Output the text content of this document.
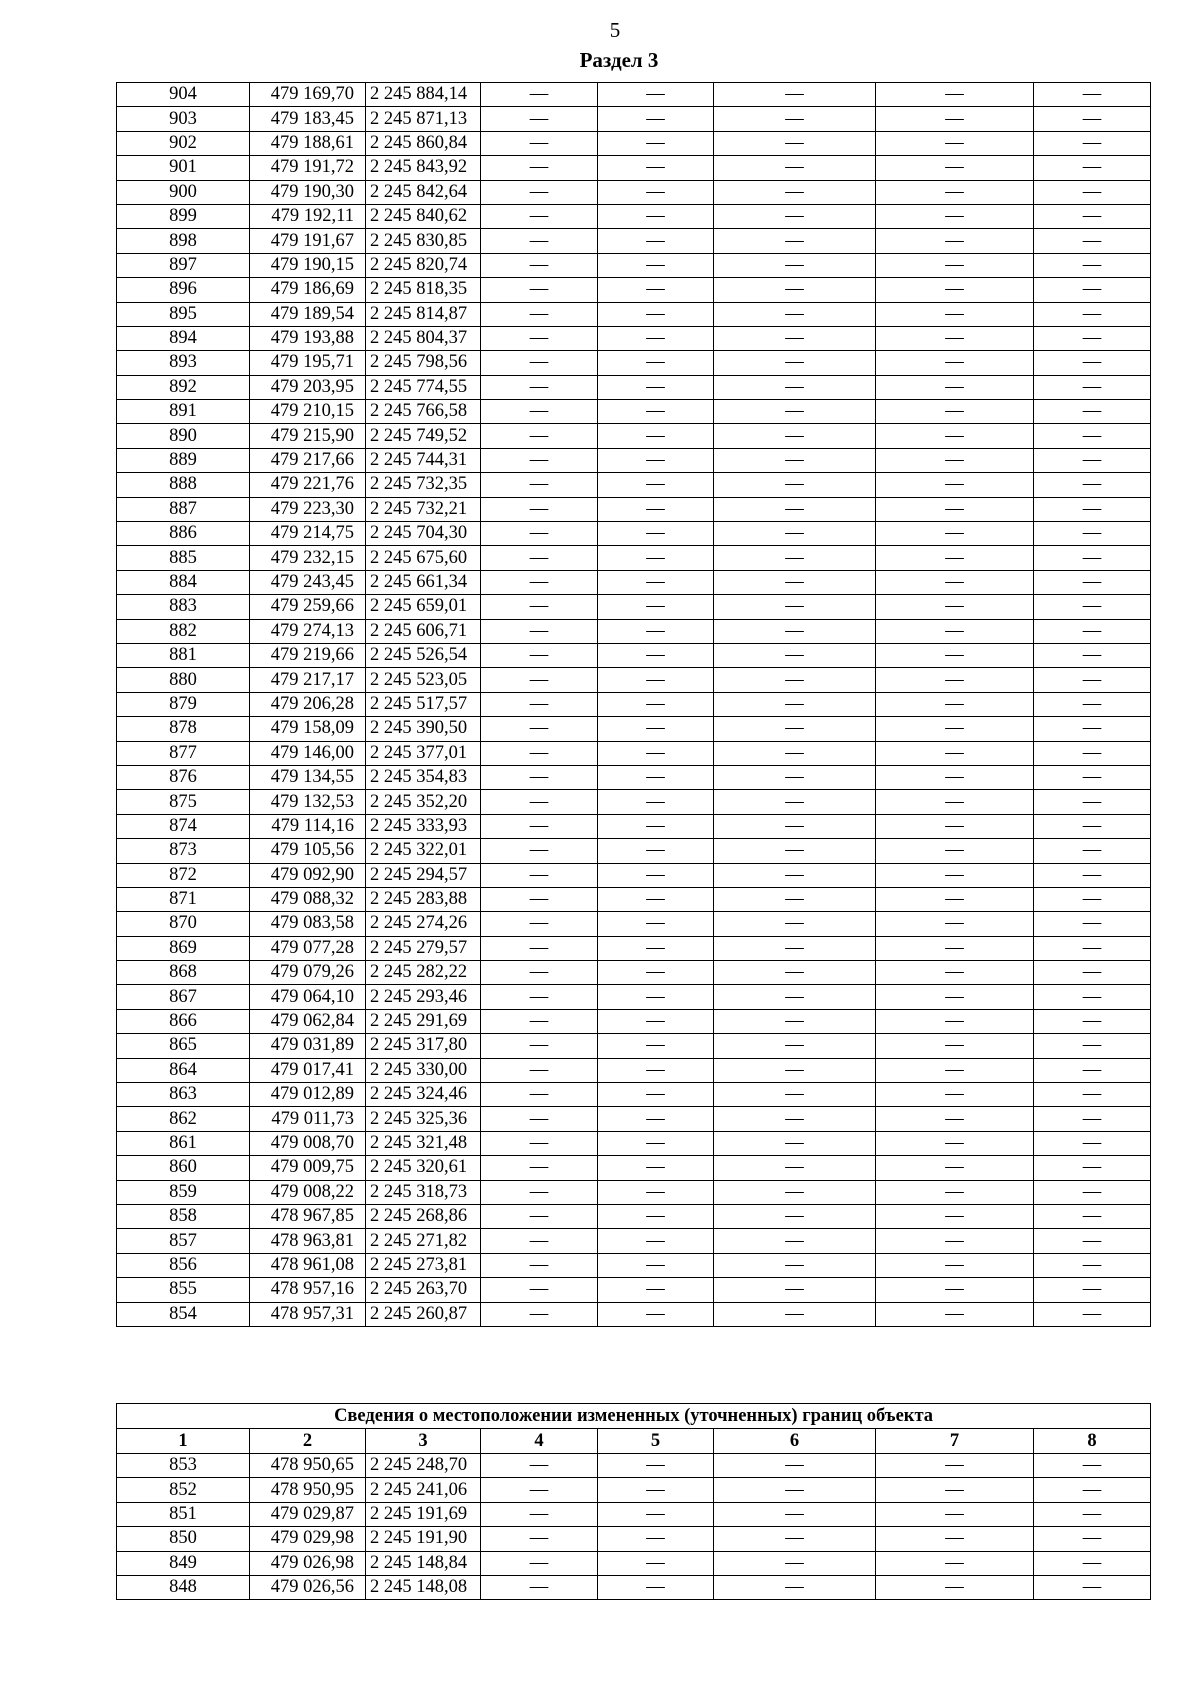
5
Раздел 3
904	479 169,70	2 245 884,14	—	—	—	—	—
903	479 183,45	2 245 871,13	—	—	—	—	—
902	479 188,61	2 245 860,84	—	—	—	—	—
901	479 191,72	2 245 843,92	—	—	—	—	—
900	479 190,30	2 245 842,64	—	—	—	—	—
899	479 192,11	2 245 840,62	—	—	—	—	—
898	479 191,67	2 245 830,85	—	—	—	—	—
897	479 190,15	2 245 820,74	—	—	—	—	—
896	479 186,69	2 245 818,35	—	—	—	—	—
895	479 189,54	2 245 814,87	—	—	—	—	—
894	479 193,88	2 245 804,37	—	—	—	—	—
893	479 195,71	2 245 798,56	—	—	—	—	—
892	479 203,95	2 245 774,55	—	—	—	—	—
891	479 210,15	2 245 766,58	—	—	—	—	—
890	479 215,90	2 245 749,52	—	—	—	—	—
889	479 217,66	2 245 744,31	—	—	—	—	—
888	479 221,76	2 245 732,35	—	—	—	—	—
887	479 223,30	2 245 732,21	—	—	—	—	—
886	479 214,75	2 245 704,30	—	—	—	—	—
885	479 232,15	2 245 675,60	—	—	—	—	—
884	479 243,45	2 245 661,34	—	—	—	—	—
883	479 259,66	2 245 659,01	—	—	—	—	—
882	479 274,13	2 245 606,71	—	—	—	—	—
881	479 219,66	2 245 526,54	—	—	—	—	—
880	479 217,17	2 245 523,05	—	—	—	—	—
879	479 206,28	2 245 517,57	—	—	—	—	—
878	479 158,09	2 245 390,50	—	—	—	—	—
877	479 146,00	2 245 377,01	—	—	—	—	—
876	479 134,55	2 245 354,83	—	—	—	—	—
875	479 132,53	2 245 352,20	—	—	—	—	—
874	479 114,16	2 245 333,93	—	—	—	—	—
873	479 105,56	2 245 322,01	—	—	—	—	—
872	479 092,90	2 245 294,57	—	—	—	—	—
871	479 088,32	2 245 283,88	—	—	—	—	—
870	479 083,58	2 245 274,26	—	—	—	—	—
869	479 077,28	2 245 279,57	—	—	—	—	—
868	479 079,26	2 245 282,22	—	—	—	—	—
867	479 064,10	2 245 293,46	—	—	—	—	—
866	479 062,84	2 245 291,69	—	—	—	—	—
865	479 031,89	2 245 317,80	—	—	—	—	—
864	479 017,41	2 245 330,00	—	—	—	—	—
863	479 012,89	2 245 324,46	—	—	—	—	—
862	479 011,73	2 245 325,36	—	—	—	—	—
861	479 008,70	2 245 321,48	—	—	—	—	—
860	479 009,75	2 245 320,61	—	—	—	—	—
859	479 008,22	2 245 318,73	—	—	—	—	—
858	478 967,85	2 245 268,86	—	—	—	—	—
857	478 963,81	2 245 271,82	—	—	—	—	—
856	478 961,08	2 245 273,81	—	—	—	—	—
855	478 957,16	2 245 263,70	—	—	—	—	—
854	478 957,31	2 245 260,87	—	—	—	—	—
Сведения о местоположении измененных (уточненных) границ объекта							
1	2	3	4	5	6	7	8
853	478 950,65	2 245 248,70	—	—	—	—	—
852	478 950,95	2 245 241,06	—	—	—	—	—
851	479 029,87	2 245 191,69	—	—	—	—	—
850	479 029,98	2 245 191,90	—	—	—	—	—
849	479 026,98	2 245 148,84	—	—	—	—	—
848	479 026,56	2 245 148,08	—	—	—	—	—
